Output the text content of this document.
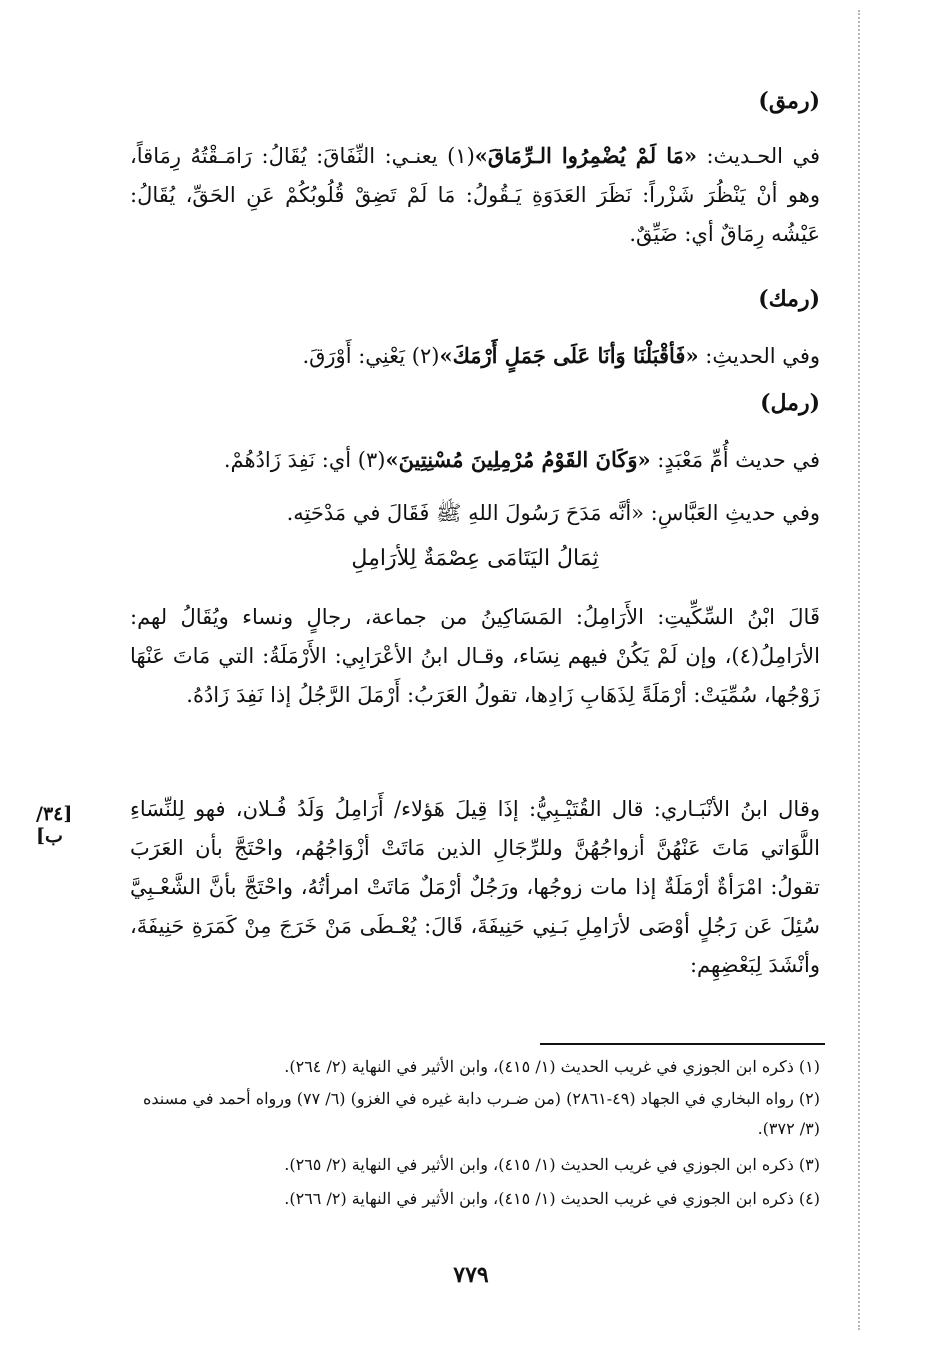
(رمق)
في الحـديث: «مَا لَمْ يُضْمِرُوا الـرِّمَاقَ»(١) يعنـي: النِّفَاقَ: يُقَالُ: رَامَـقْتُهُ رِمَاقاً، وهو أنْ يَنْظُرَ شَزْراً: نَظَرَ العَدَوَةِ يَـقُولُ: مَا لَمْ تَضِقْ قُلُوبُكُمْ عَنِ الحَقِّ، يُقَالُ: عَيْشُه رِمَاقٌ أي: ضَيِّقٌ.
(رمك)
وفي الحديثِ: «فَأقْبَلْنَا وَأنَا عَلَى جَمَلٍ أَرْمَكَ»(٢) يَعْنِي: أَوْرَقَ.
(رمل)
في حديث أُمِّ مَعْبَدٍ: «وَكَانَ القَوْمُ مُرْمِلِينَ مُسْنِتِينَ»(٣) أي: نَفِدَ زَادُهُمْ.
وفي حديثِ العَبَّاسِ: «أنَّه مَدَحَ رَسُولَ اللهِ ﷺ فَقَالَ في مَدْحَتِه.
ثِمَالُ اليَتَامَى عِصْمَةٌ لِلأرَامِلِ
قَالَ ابْنُ السِّكِّيتِ: الأَرَامِلُ: المَسَاكِينُ من جماعة، رجالٍ ونساء ويُقَالُ لهم: الأرَامِلُ(٤)، وإن لَمْ يَكُنْ فيهم نِسَاء، وقـال ابنُ الأعْرَابِي: الأَرْمَلَةُ: التي مَاتَ عَنْهَا زَوْجُها، سُمِّيَتْ: أرْمَلَةً لِذَهَابِ زَادِها، تقولُ العَرَبُ: أَرْمَلَ الرَّجُلُ إذا نَفِدَ زَادُهُ.
[٣٤/ب]
وقال ابنُ الأنْبَـاري: قال القُتَيْـبِيُّ: إذَا قِيلَ هَؤلاء/ أَرَامِلُ وَلَدُ فُـلان، فهو لِلنِّسَاءِ اللَّوَاتي مَاتَ عَنْهُنَّ أزواجُهُنَّ وللرِّجَالِ الذين مَاتَتْ أزْوَاجُهُم، واحْتَجَّ بأن العَرَبَ تقولُ: امْرَأةٌ أرْمَلَةٌ إذا مات زوجُها، ورَجُلٌ أرْمَلٌ مَاتَتْ امرأتُهُ، واحْتَجَّ بأنَّ الشَّعْـبِيَّ سُئِلَ عَن رَجُلٍ أوْصَى لأرَامِلِ بَـنِي حَنِيفَةَ، قَالَ: يُعْـطَى مَنْ خَرَجَ مِنْ كَمَرَةِ حَنِيفَةَ، وأنْشَدَ لِبَعْضِهِم:
(١) ذكره ابن الجوزي في غريب الحديث (١/ ٤١٥)، وابن الأثير في النهاية (٢/ ٢٦٤).
(٢) رواه البخاري في الجهاد (٤٩-٢٨٦١) (من ضـرب دابة غيره في الغزو) (٦/ ٧٧) ورواه أحمد في مسنده (٣/ ٣٧٢).
(٣) ذكره ابن الجوزي في غريب الحديث (١/ ٤١٥)، وابن الأثير في النهاية (٢/ ٢٦٥).
(٤) ذكره ابن الجوزي في غريب الحديث (١/ ٤١٥)، وابن الأثير في النهاية (٢/ ٢٦٦).
٧٧٩
